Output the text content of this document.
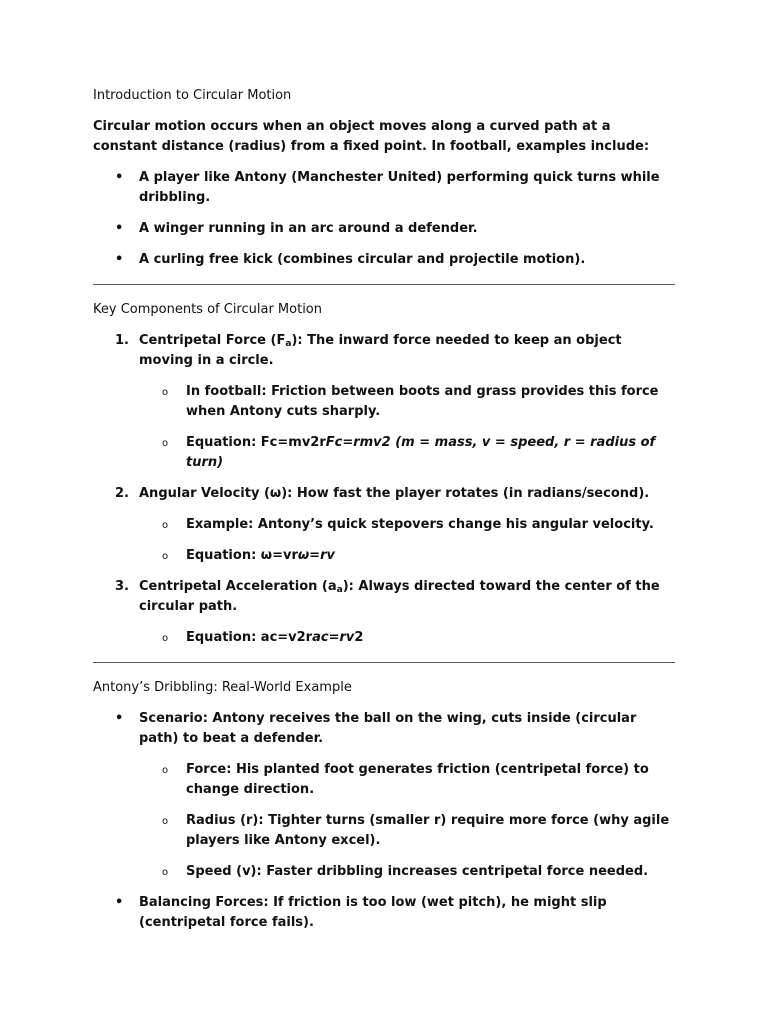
Introduction to Circular Motion
Circular motion occurs when an object moves along a curved path at a constant distance (radius) from a fixed point. In football, examples include:
• A player like Antony (Manchester United) performing quick turns while dribbling.
• A winger running in an arc around a defender.
• A curling free kick (combines circular and projectile motion).
Key Components of Circular Motion
1. Centripetal Force $(F_a)$: The inward force needed to keep an object moving in a circle.
o In football: Friction between boots and grass provides this force when Antony cuts sharply.
o Equation: Fc=mv2rFc=rmv2 (m = mass, v = speed, r = radius of turn)
2. Angular Velocity (ω): How fast the player rotates (in radians/second).
o Example: Antony’s quick stepovers change his angular velocity.
o Equation: ω=vrω=rv
3. Centripetal Acceleration $(a_a)$: Always directed toward the center of the circular path.
o Equation: ac=v2rac=rv2
Antony’s Dribbling: Real-World Example
• Scenario: Antony receives the ball on the wing, cuts inside (circular path) to beat a defender.
o Force: His planted foot generates friction (centripetal force) to change direction.
o Radius (r): Tighter turns (smaller r) require more force (why agile players like Antony excel).
o Speed (v): Faster dribbling increases centripetal force needed.
• Balancing Forces: If friction is too low (wet pitch), he might slip (centripetal force fails).
